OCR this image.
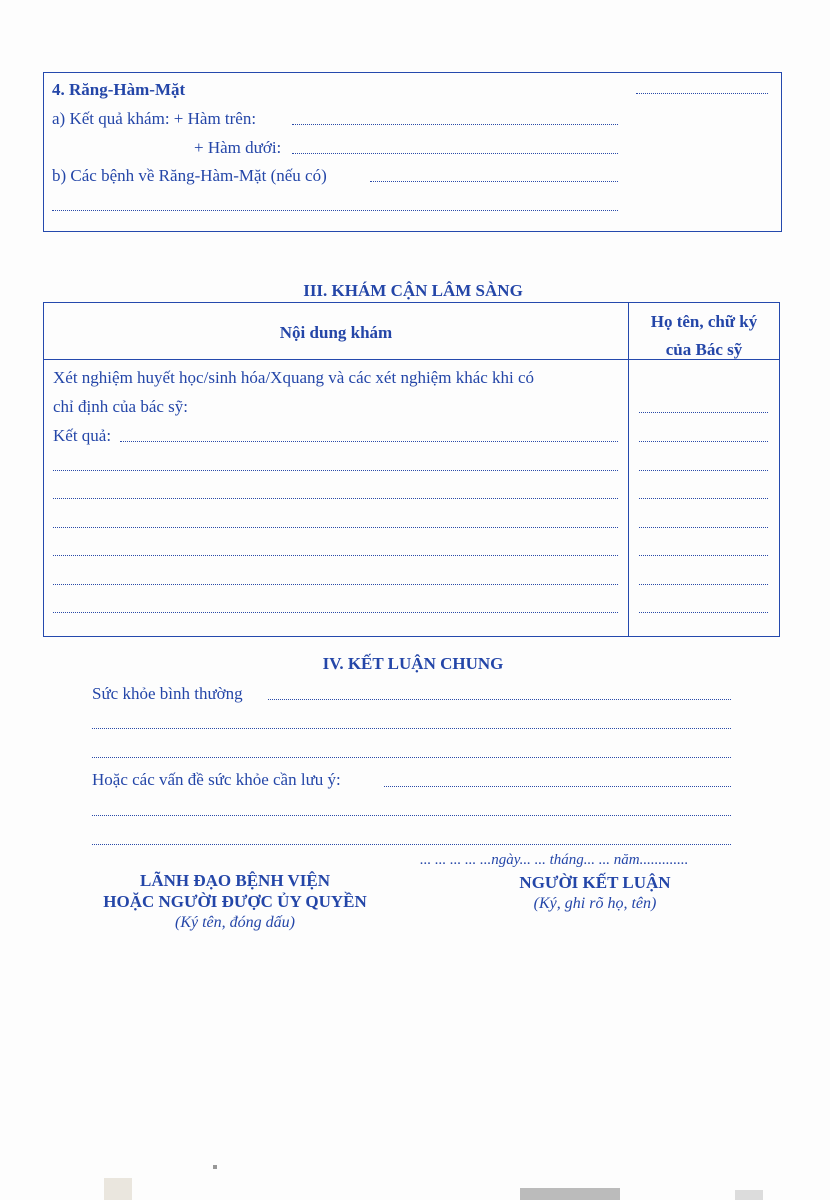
4. Răng-Hàm-Mặt
a) Kết quả khám: + Hàm trên:
+ Hàm dưới:
b) Các bệnh về Răng-Hàm-Mặt (nếu có)
III. KHÁM CẬN LÂM SÀNG
Nội dung khám
Họ tên, chữ ký
của Bác sỹ
Xét nghiệm huyết học/sinh hóa/Xquang và các xét nghiệm khác khi có
chỉ định của bác sỹ:
Kết quả:
IV. KẾT LUẬN CHUNG
Sức khỏe bình thường
Hoặc các vấn đề sức khỏe cần lưu ý:
... ... ... ... ...ngày... ... tháng... ... năm.............
LÃNH ĐẠO BỆNH VIỆN
HOẶC NGƯỜI ĐƯỢC ỦY QUYỀN
(Ký tên, đóng dấu)
NGƯỜI KẾT LUẬN
(Ký, ghi rõ họ, tên)
